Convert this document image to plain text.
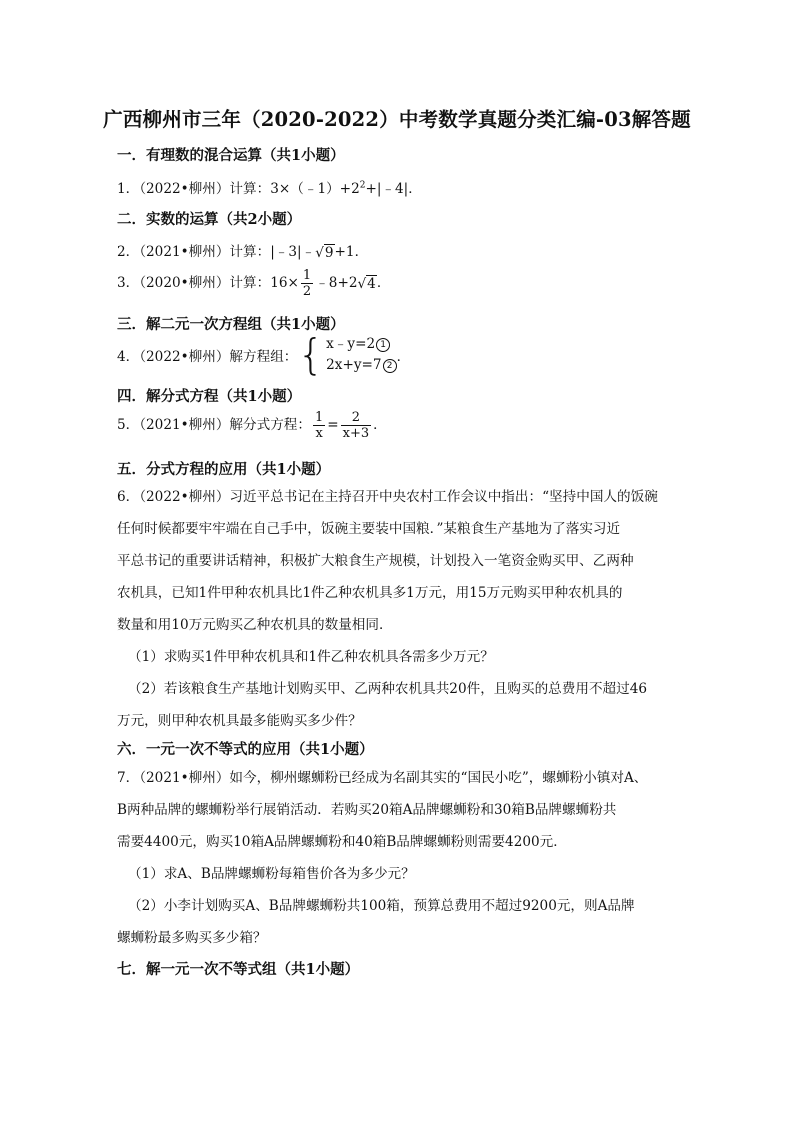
广西柳州市三年（2020-2022）中考数学真题分类汇编-03解答题
一．有理数的混合运算（共1小题）
1．（2022•柳州）计算：$3\times(﹣1)+2^2+|﹣4|$．
二．实数的运算（共2小题）
2．（2021•柳州）计算：|﹣3|﹣√9+1．
3．（2020•柳州）计算：$16\times \frac{1}{2}$ ﹣8+2√4．
三．解二元一次方程组（共1小题）
4．（2022•柳州）解方程组： { x﹣y=2 1
2x+y=7 2
．
四．解分式方程（共1小题）
5．（2021•柳州）解分式方程： $\frac{1}{x} = \frac{2}{x+3}$ ．
五．分式方程的应用（共1小题）
6．（2022•柳州）习近平总书记在主持召开中央农村工作会议中指出：“坚持中国人的饭碗
任何时候都要牢牢端在自己手中，饭碗主要装中国粮．”某粮食生产基地为了落实习近
平总书记的重要讲话精神，积极扩大粮食生产规模，计划投入一笔资金购买甲、乙两种
农机具，已知1件甲种农机具比1件乙种农机具多1万元，用15万元购买甲种农机具的
数量和用10万元购买乙种农机具的数量相同．
（1）求购买1件甲种农机具和1件乙种农机具各需多少万元？
（2）若该粮食生产基地计划购买甲、乙两种农机具共20件，且购买的总费用不超过46
万元，则甲种农机具最多能购买多少件？
六．一元一次不等式的应用（共1小题）
7．（2021•柳州）如今，柳州螺蛳粉已经成为名副其实的“国民小吃”，螺蛳粉小镇对A、
B两种品牌的螺蛳粉举行展销活动．若购买20箱A品牌螺蛳粉和30箱B品牌螺蛳粉共
需要4400元，购买10箱A品牌螺蛳粉和40箱B品牌螺蛳粉则需要4200元．
（1）求A、B品牌螺蛳粉每箱售价各为多少元？
（2）小李计划购买A、B品牌螺蛳粉共100箱，预算总费用不超过9200元，则A品牌
螺蛳粉最多购买多少箱？
七．解一元一次不等式组（共1小题）
